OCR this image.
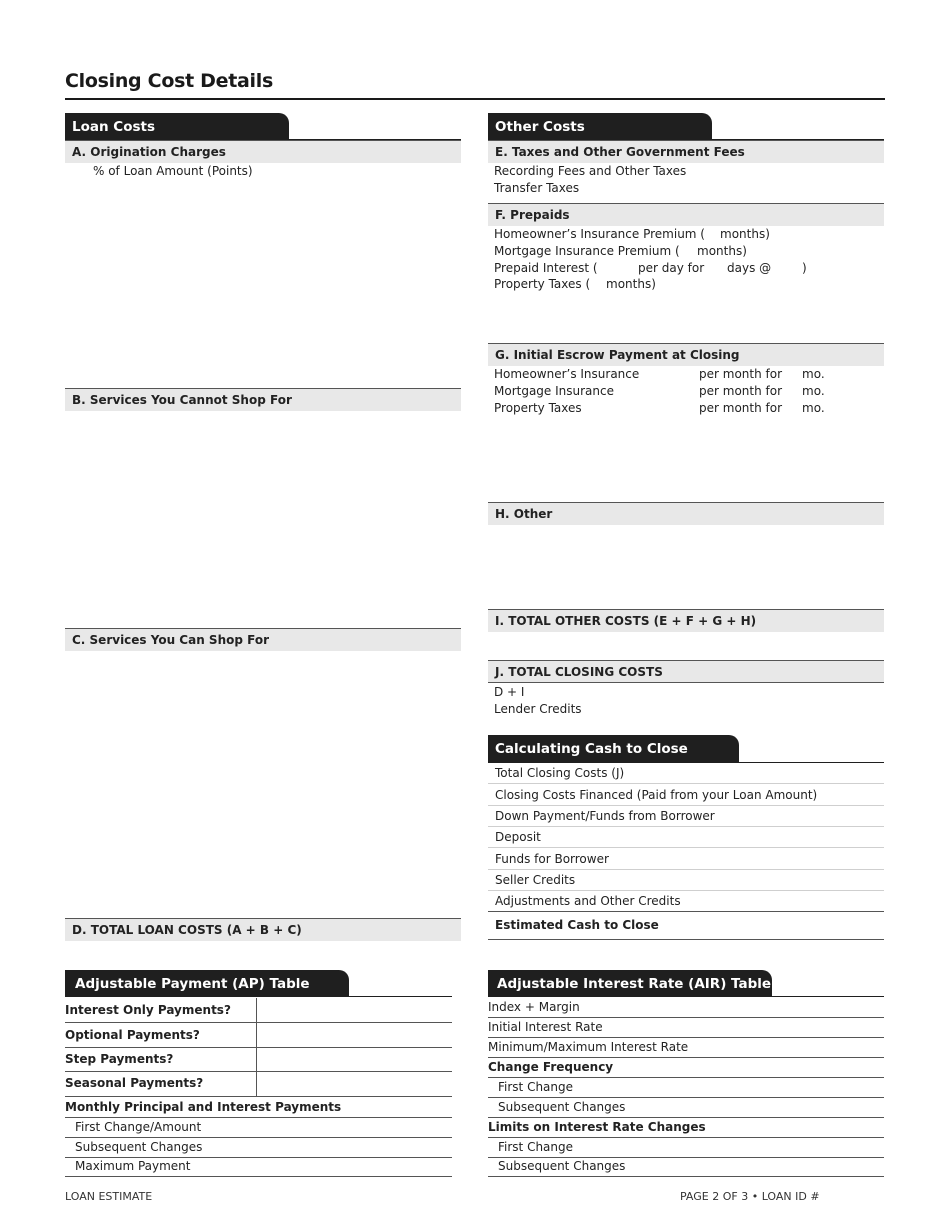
Closing Cost Details
Loan Costs
A. Origination Charges
% of Loan Amount (Points)
B. Services You Cannot Shop For
C. Services You Can Shop For
D. TOTAL LOAN COSTS (A + B + C)
Other Costs
E. Taxes and Other Government Fees
Recording Fees and Other Taxes
Transfer Taxes
F. Prepaids
Homeowner’s Insurance Premium ( months)
Mortgage Insurance Premium ( months)
Prepaid Interest (	per day for days @	)
Property Taxes ( months)
G. Initial Escrow Payment at Closing
Homeowner’s Insurance	per month for mo.
Mortgage Insurance	per month for mo.
Property Taxes	per month for mo.
H. Other
I. TOTAL OTHER COSTS (E + F + G + H)
J. TOTAL CLOSING COSTS
D + I
Lender Credits
Calculating Cash to Close
Total Closing Costs (J)
Closing Costs Financed (Paid from your Loan Amount)
Down Payment/Funds from Borrower
Deposit
Funds for Borrower
Seller Credits
Adjustments and Other Credits
Estimated Cash to Close
Adjustable Payment (AP) Table
Interest Only Payments?
Optional Payments?
Step Payments?
Seasonal Payments?
Monthly Principal and Interest Payments
First Change/Amount
Subsequent Changes
Maximum Payment
Adjustable Interest Rate (AIR) Table
Index + Margin
Initial Interest Rate
Minimum/Maximum Interest Rate
Change Frequency
First Change
Subsequent Changes
Limits on Interest Rate Changes
First Change
Subsequent Changes
LOAN ESTIMATE	PAGE 2 OF 3 • LOAN ID #
